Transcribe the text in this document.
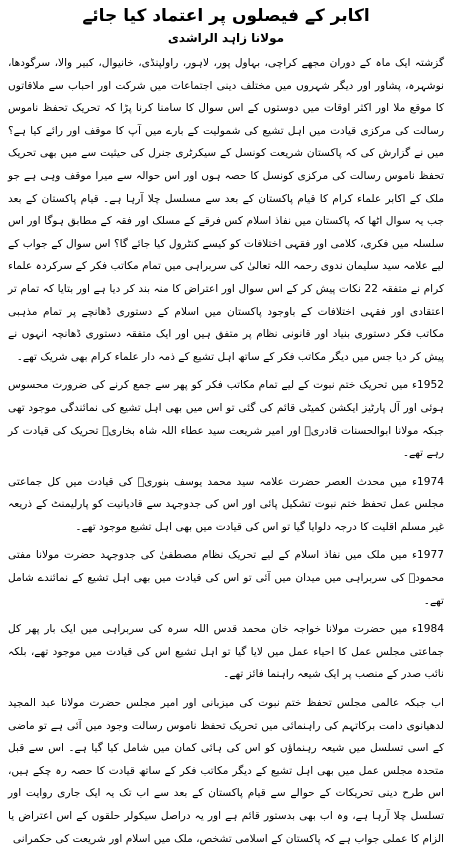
اکابر کے فیصلوں پر اعتماد کیا جائے
مولانا زاہد الراشدی

گزشتہ ایک ماہ کے دوران مجھے کراچی، بہاول پور، لاہور، راولپنڈی، خانیوال، کبیر والا، سرگودھا، نوشہرہ، پشاور اور دیگر شہروں میں مختلف دینی اجتماعات میں شرکت اور احباب سے ملاقاتوں کا موقع ملا اور اکثر اوقات میں دوستوں کے اس سوال کا سامنا کرنا پڑا کہ تحریک تحفظ ناموس رسالت کی مرکزی قیادت میں اہل تشیع کی شمولیت کے بارے میں آپ کا موقف اور رائے کیا ہے؟ میں نے گزارش کی کہ پاکستان شریعت کونسل کے سیکرٹری جنرل کی حیثیت سے میں بھی تحریک تحفظ ناموس رسالت کی مرکزی کونسل کا حصہ ہوں اور اس حوالہ سے میرا موقف وہی ہے جو ملک کے اکابر علماء کرام کا قیام پاکستان کے بعد سے مسلسل چلا آرہا ہے۔ قیام پاکستان کے بعد جب یہ سوال اٹھا کہ پاکستان میں نفاذ اسلام کس فرقے کے مسلک اور فقہ کے مطابق ہوگا اور اس سلسلہ میں فکری، کلامی اور فقہی اختلافات کو کیسے کنٹرول کیا جائے گا؟ اس سوال کے جواب کے لیے علامہ سید سلیمان ندوی رحمہ اللہ تعالیٰ کی سربراہی میں تمام مکاتب فکر کے سرکردہ علماء کرام نے متفقہ 22 نکات پیش کر کے اس سوال اور اعتراض کا منہ بند کر دیا ہے اور بتایا کہ تمام تر اعتقادی اور فقہی اختلافات کے باوجود پاکستان میں اسلام کے دستوری ڈھانچے پر تمام مذہبی مکاتب فکر دستوری بنیاد اور قانونی نظام پر متفق ہیں اور ایک متفقہ دستوری ڈھانچہ انہوں نے پیش کر دیا جس میں دیگر مکاتب فکر کے ساتھ اہل تشیع کے ذمہ دار علماء کرام بھی شریک تھے۔

1952ء میں تحریک ختم نبوت کے لیے تمام مکاتب فکر کو پھر سے جمع کرنے کی ضرورت محسوس ہوئی اور آل پارٹیز ایکشن کمیٹی قائم کی گئی تو اس میں بھی اہل تشیع کی نمائندگی موجود تھی جبکہ مولانا ابوالحسنات قادریؒ اور امیر شریعت سید عطاء اللہ شاہ بخاریؒ تحریک کی قیادت کر رہے تھے۔

1974ء میں محدث العصر حضرت علامہ سید محمد یوسف بنوریؒ کی قیادت میں کل جماعتی مجلس عمل تحفظ ختم نبوت تشکیل پائی اور اس کی جدوجہد سے قادیانیت کو پارلیمنٹ کے ذریعہ غیر مسلم اقلیت کا درجہ دلوایا گیا تو اس کی قیادت میں بھی اہل تشیع موجود تھے۔

1977ء میں ملک میں نفاذ اسلام کے لیے تحریک نظام مصطفیٰ کی جدوجہد حضرت مولانا مفتی محمودؒ کی سربراہی میں میدان میں آئی تو اس کی قیادت میں بھی اہل تشیع کے نمائندے شامل تھے۔

1984ء میں حضرت مولانا خواجہ خان محمد قدس اللہ سرہ کی سربراہی میں ایک بار پھر کل جماعتی مجلس عمل کا احیاء عمل میں لایا گیا تو اہل تشیع اس کی قیادت میں موجود تھے، بلکہ نائب صدر کے منصب پر ایک شیعہ راہنما فائز تھے۔

اب جبکہ عالمی مجلس تحفظ ختم نبوت کی میزبانی اور امیر مجلس حضرت مولانا عبد المجید لدھیانوی دامت برکاتہم کی راہنمائی میں تحریک تحفظ ناموس رسالت وجود میں آئی ہے تو ماضی کے اسی تسلسل میں شیعہ رہنماؤں کو اس کی ہائی کمان میں شامل کیا گیا ہے۔ اس سے قبل متحدہ مجلس عمل میں بھی اہل تشیع کے دیگر مکاتب فکر کے ساتھ قیادت کا حصہ رہ چکے ہیں، اس طرح دینی تحریکات کے حوالے سے قیام پاکستان کے بعد سے اب تک یہ ایک جاری روایت اور تسلسل چلا آرہا ہے، وہ اب بھی بدستور قائم ہے اور یہ دراصل سیکولر حلقوں کے اس اعتراض یا الزام کا عملی جواب ہے کہ پاکستان کے اسلامی تشخص، ملک میں اسلام اور شریعت کی حکمرانی
